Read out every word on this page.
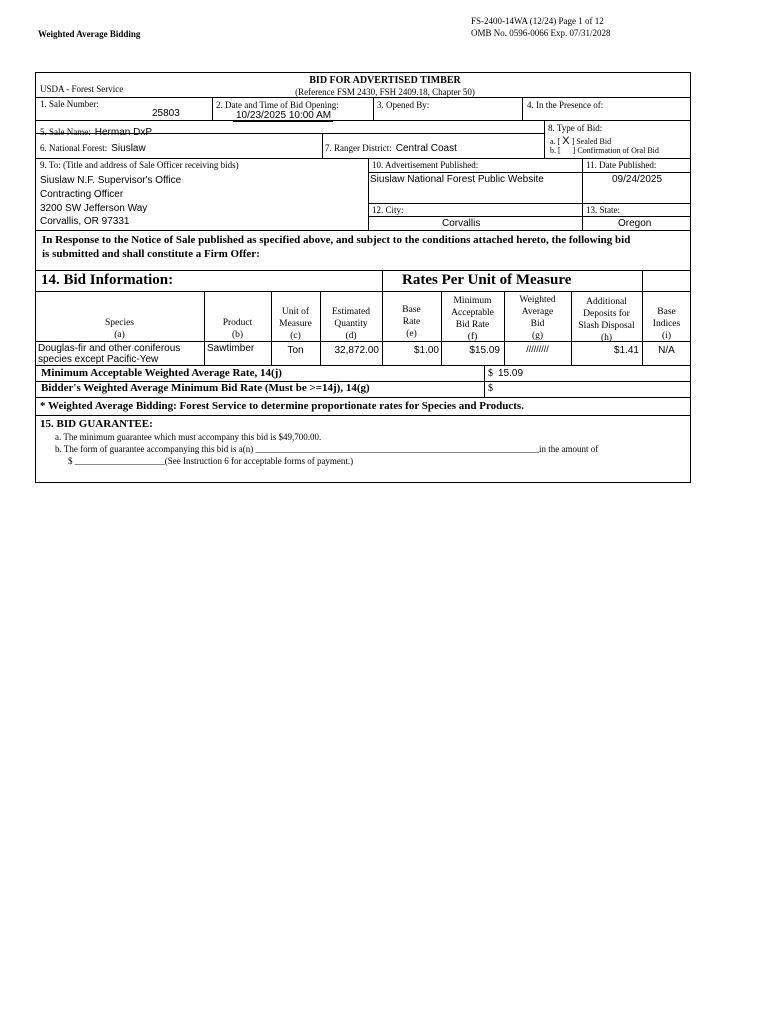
FS-2400-14WA (12/24) Page 1 of 12
OMB No. 0596-0066 Exp. 07/31/2028
Weighted Average Bidding
BID FOR ADVERTISED TIMBER
(Reference FSM 2430, FSH 2409.18, Chapter 50)
USDA - Forest Service
1. Sale Number:
25803
2. Date and Time of Bid Opening:
10/23/2025 10:00 AM
3. Opened By:	4. In the Presence of:
5. Sale Name: Herman DxP	8. Type of Bid:
6. National Forest: Siuslaw	7. Ranger District: Central Coast
a. [ X ] Sealed Bid
b. [ ] Confirmation of Oral Bid
9. To: (Title and address of Sale Officer receiving bids)
Siuslaw N.F. Supervisor's Office
Contracting Officer
3200 SW Jefferson Way
Corvallis, OR 97331
10. Advertisement Published:
Siuslaw National Forest Public Website
11. Date Published:
09/24/2025
12. City:
Corvallis
13. State:
Oregon
In Response to the Notice of Sale published as specified above, and subject to the conditions attached hereto, the following bid
is submitted and shall constitute a Firm Offer:
14. Bid Information:	Rates Per Unit of Measure
Species
(a)
Product
(b)
Unit of
Measure
(c)
Estimated
Quantity
(d)
Base
Rate
(e)
Minimum
Acceptable
Bid Rate
(f)
Weighted
Average
Bid
(g)
Additional
Deposits for
Slash Disposal
(h)
Base
Indices
(i)
Douglas-fir and other coniferous
species except Pacific-Yew
Sawtimber	Ton	32,872.00	$1.00	$15.09	/////////	$1.41	N/A
Minimum Acceptable Weighted Average Rate, 14(j)	$ 15.09
Bidder's Weighted Average Minimum Bid Rate (Must be >=14j), 14(g)	$
* Weighted Average Bidding: Forest Service to determine proportionate rates for Species and Products.
15. BID GUARANTEE:
a. The minimum guarantee which must accompany this bid is $49,700.00.
b. The form of guarantee accompanying this bid is a(n) _______________________________________________________________in the amount of
$ ____________________(See Instruction 6 for acceptable forms of payment.)
